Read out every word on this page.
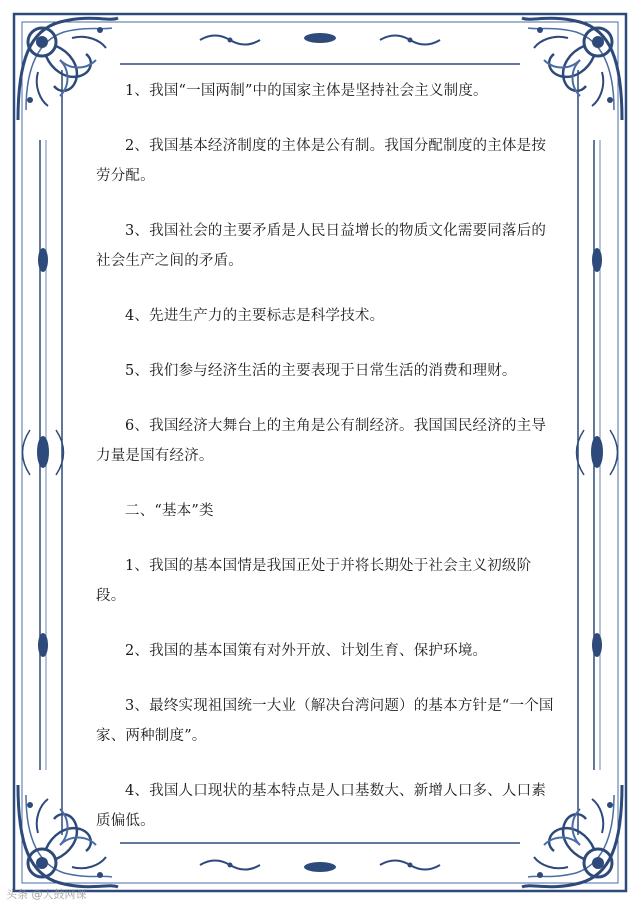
1、我国“一国两制”中的国家主体是坚持社会主义制度。

2、我国基本经济制度的主体是公有制。我国分配制度的主体是按劳分配。

3、我国社会的主要矛盾是人民日益增长的物质文化需要同落后的社会生产之间的矛盾。

4、先进生产力的主要标志是科学技术。

5、我们参与经济生活的主要表现于日常生活的消费和理财。

6、我国经济大舞台上的主角是公有制经济。我国国民经济的主导力量是国有经济。

二、“基本”类

1、我国的基本国情是我国正处于并将长期处于社会主义初级阶段。

2、我国的基本国策有对外开放、计划生育、保护环境。

3、最终实现祖国统一大业（解决台湾问题）的基本方针是“一个国家、两种制度”。

4、我国人口现状的基本特点是人口基数大、新增人口多、人口素质偏低。

头条 @大鼓网课
